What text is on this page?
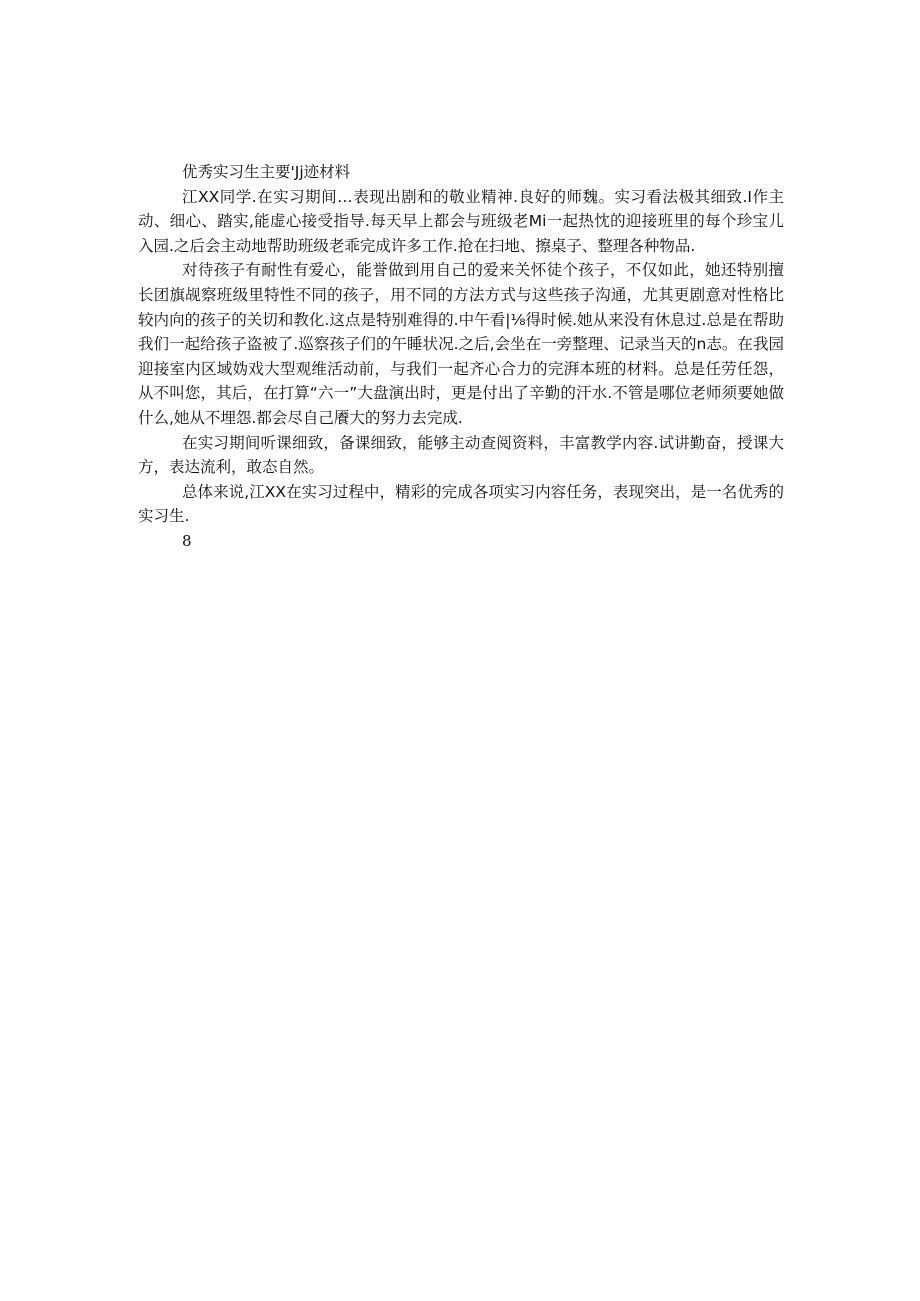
优秀实习生主要'Jj迹材料

江XX同学.在实习期间…表现出剧和的敬业精神.良好的师魏。实习看法极其细致.I作主动、细心、踏实,能虚心接受指导.每天早上都会与班级老Mi一起热忱的迎接班里的每个珍宝儿入园.之后会主动地帮助班级老乖完成许多工作.抢在扫地、擦桌子、整理各种物品.

对待孩子有耐性有爱心，能誉做到用自己的爱来关怀徒个孩子，不仅如此，她还特别擅长团旗觇察班级里特性不同的孩子，用不同的方法方式与这些孩子沟通，尤其更剧意对性格比较内向的孩子的关切和教化.这点是特别难得的.中午看|⅛得时候.她从来没有休息过.总是在帮助我们一起给孩子盗被了.巡察孩子们的午睡状况.之后,会坐在一旁整理、记录当天的n志。在我园迎接室内区域妫戏大型观维活动前，与我们一起齐心合力的完湃本班的材料。总是任劳任怨，从不叫您，其后，在打算“六一”大盘演出时，更是付出了辛勤的汗水.不管是哪位老师须要她做什么,她从不埋怨.都会尽自己餍大的努力去完成.

在实习期间听课细致，备课细致，能够主动查阅资料，丰富教学内容.试讲勤奋，授课大方，表达流利，敢态自然。

总体来说,江XX在实习过程中，精彩的完成各项实习内容任务，表现突出，是一名优秀的实习生.

8
